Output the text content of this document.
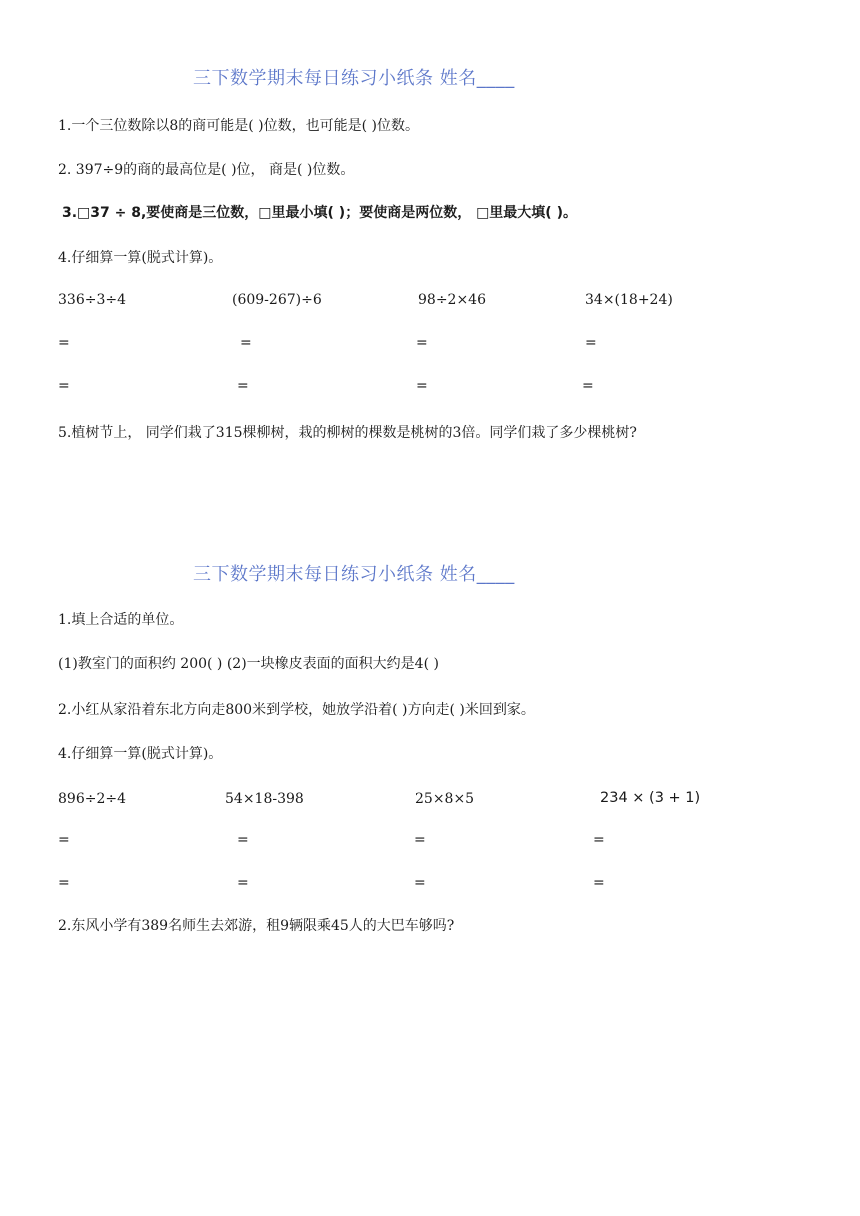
三下数学期末每日练习小纸条 姓名____
1.一个三位数除以8的商可能是( )位数，也可能是( )位数。
2. 397÷9的商的最高位是( )位， 商是( )位数。
3.□37 ÷ 8,要使商是三位数，□里最小填( )；要使商是两位数， □里最大填( )。
4.仔细算一算(脱式计算)。
336÷3÷4	(609-267)÷6	98÷2×46	34×(18+24)
=	=	=	=
=	=	=	=
5.植树节上， 同学们栽了315棵柳树，栽的柳树的棵数是桃树的3倍。同学们栽了多少棵桃树?
三下数学期末每日练习小纸条 姓名____
1.填上合适的单位。
(1)教室门的面积约 200( ) (2)一块橡皮表面的面积大约是4( )
2.小红从家沿着东北方向走800米到学校，她放学沿着( )方向走( )米回到家。
4.仔细算一算(脱式计算)。
896÷2÷4	54×18-398	25×8×5	234 × (3 + 1)
=	=	=	=
=	=	=	=
2.东风小学有389名师生去郊游，租9辆限乘45人的大巴车够吗?
